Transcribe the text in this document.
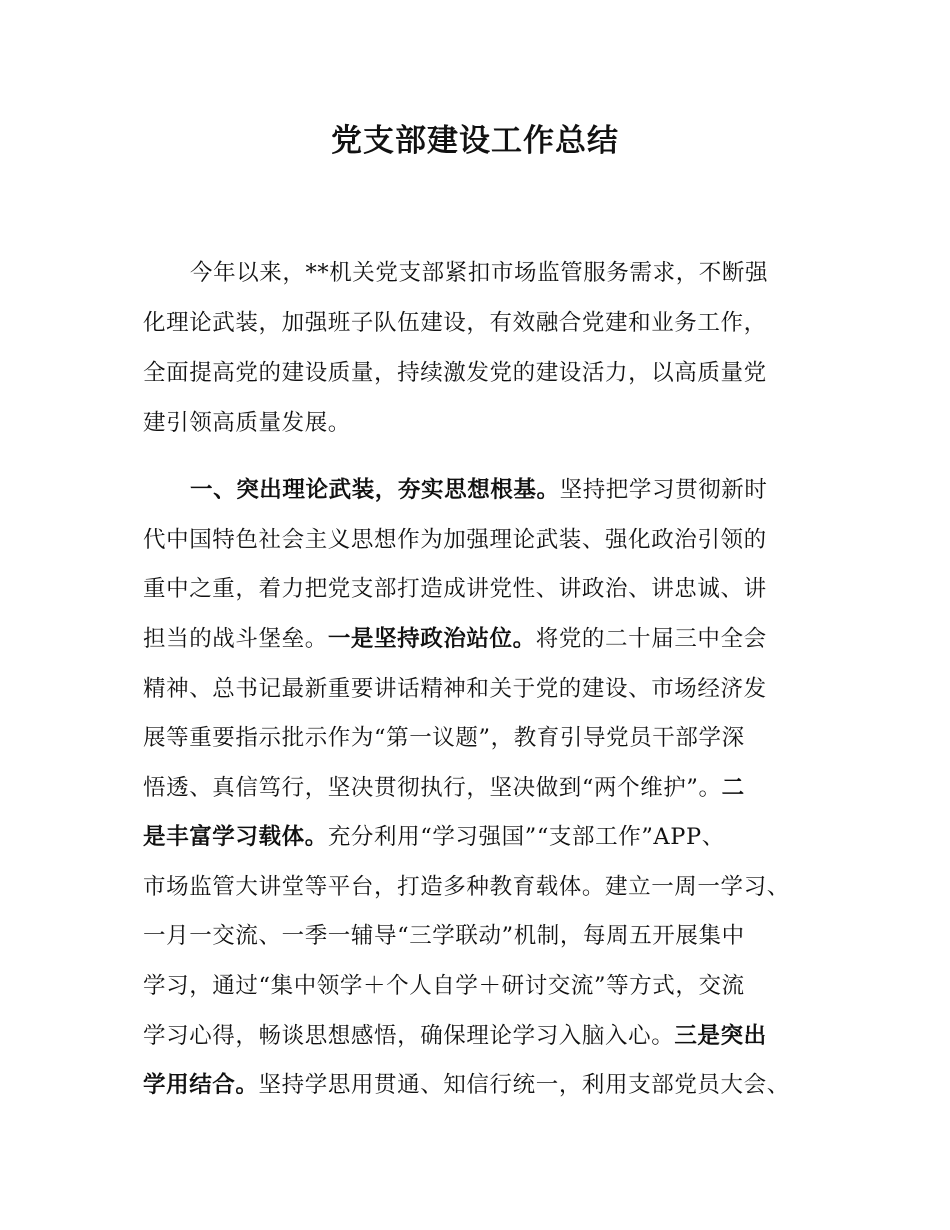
党支部建设工作总结

今年以来，**机关党支部紧扣市场监管服务需求，不断强

化理论武装，加强班子队伍建设，有效融合党建和业务工作，

全面提高党的建设质量，持续激发党的建设活力，以高质量党

建引领高质量发展。

一、突出理论武装，夯实思想根基。坚持把学习贯彻新时

代中国特色社会主义思想作为加强理论武装、强化政治引领的

重中之重，着力把党支部打造成讲党性、讲政治、讲忠诚、讲

担当的战斗堡垒。一是坚持政治站位。将党的二十届三中全会

精神、总书记最新重要讲话精神和关于党的建设、市场经济发

展等重要指示批示作为“第一议题”，教育引导党员干部学深

悟透、真信笃行，坚决贯彻执行，坚决做到“两个维护”。二

是丰富学习载体。充分利用“学习强国”“支部工作”APP、

市场监管大讲堂等平台，打造多种教育载体。建立一周一学习、

一月一交流、一季一辅导“三学联动”机制，每周五开展集中

学习，通过“集中领学＋个人自学＋研讨交流”等方式，交流

学习心得，畅谈思想感悟，确保理论学习入脑入心。三是突出

学用结合。坚持学思用贯通、知信行统一，利用支部党员大会、
